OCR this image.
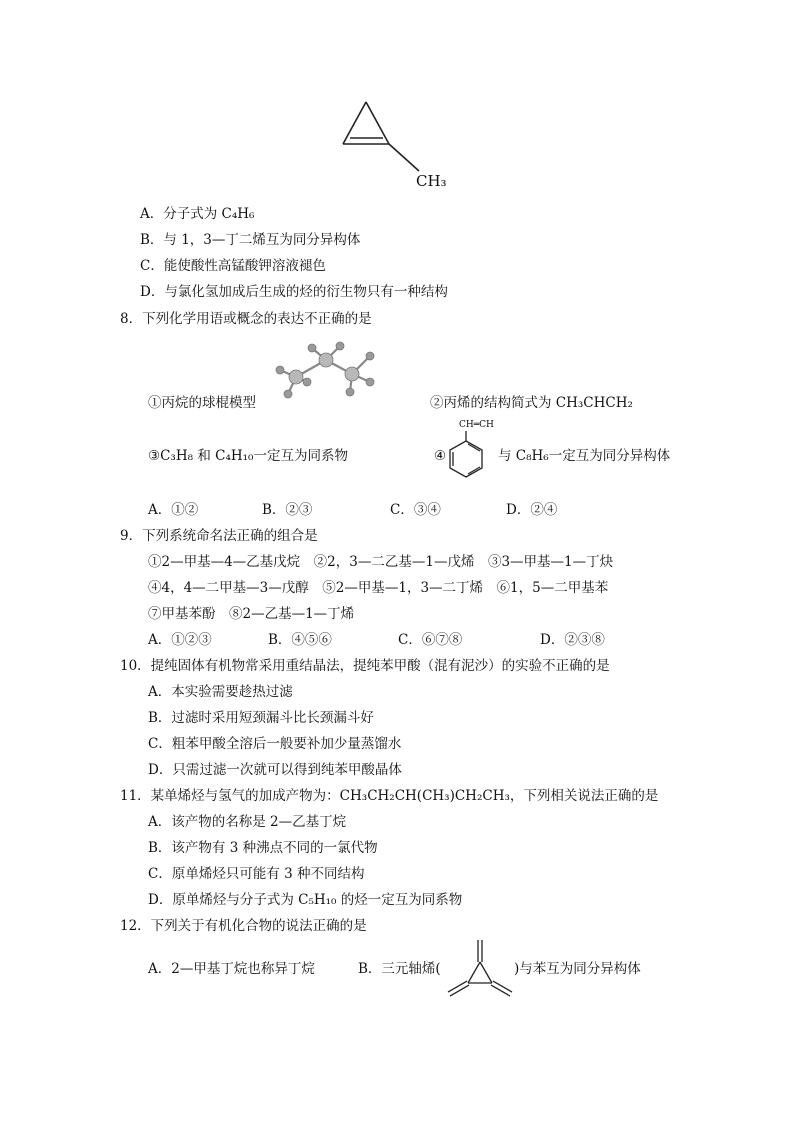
CH₃
A．分子式为 C₄H₆
B．与 1，3—丁二烯互为同分异构体
C．能使酸性高锰酸钾溶液褪色
D．与氯化氢加成后生成的烃的衍生物只有一种结构
8．下列化学用语或概念的表达不正确的是
①丙烷的球棍模型	②丙烯的结构简式为 CH₃CHCH₂
③C₃H₈ 和 C₄H₁₀一定互为同系物	④
CH═CH
与 C₈H₆一定互为同分异构体
A．①②	B．②③	C．③④	D．②④
9．下列系统命名法正确的组合是
①2—甲基—4—乙基戊烷　②2，3—二乙基—1—戊烯　③3—甲基—1—丁炔
④4，4—二甲基—3—戊醇　⑤2—甲基—1，3—二丁烯　⑥1，5—二甲基苯
⑦甲基苯酚　⑧2—乙基—1—丁烯
A．①②③	B．④⑤⑥	C．⑥⑦⑧	D．②③⑧
10．提纯固体有机物常采用重结晶法，提纯苯甲酸（混有泥沙）的实验不正确的是
A．本实验需要趁热过滤
B．过滤时采用短颈漏斗比长颈漏斗好
C．粗苯甲酸全溶后一般要补加少量蒸馏水
D．只需过滤一次就可以得到纯苯甲酸晶体
11．某单烯烃与氢气的加成产物为：CH₃CH₂CH(CH₃)CH₂CH₃，下列相关说法正确的是
A．该产物的名称是 2—乙基丁烷
B．该产物有 3 种沸点不同的一氯代物
C．原单烯烃只可能有 3 种不同结构
D．原单烯烃与分子式为 C₅H₁₀ 的烃一定互为同系物
12．下列关于有机化合物的说法正确的是
A．2—甲基丁烷也称异丁烷	B．三元轴烯(	)与苯互为同分异构体
